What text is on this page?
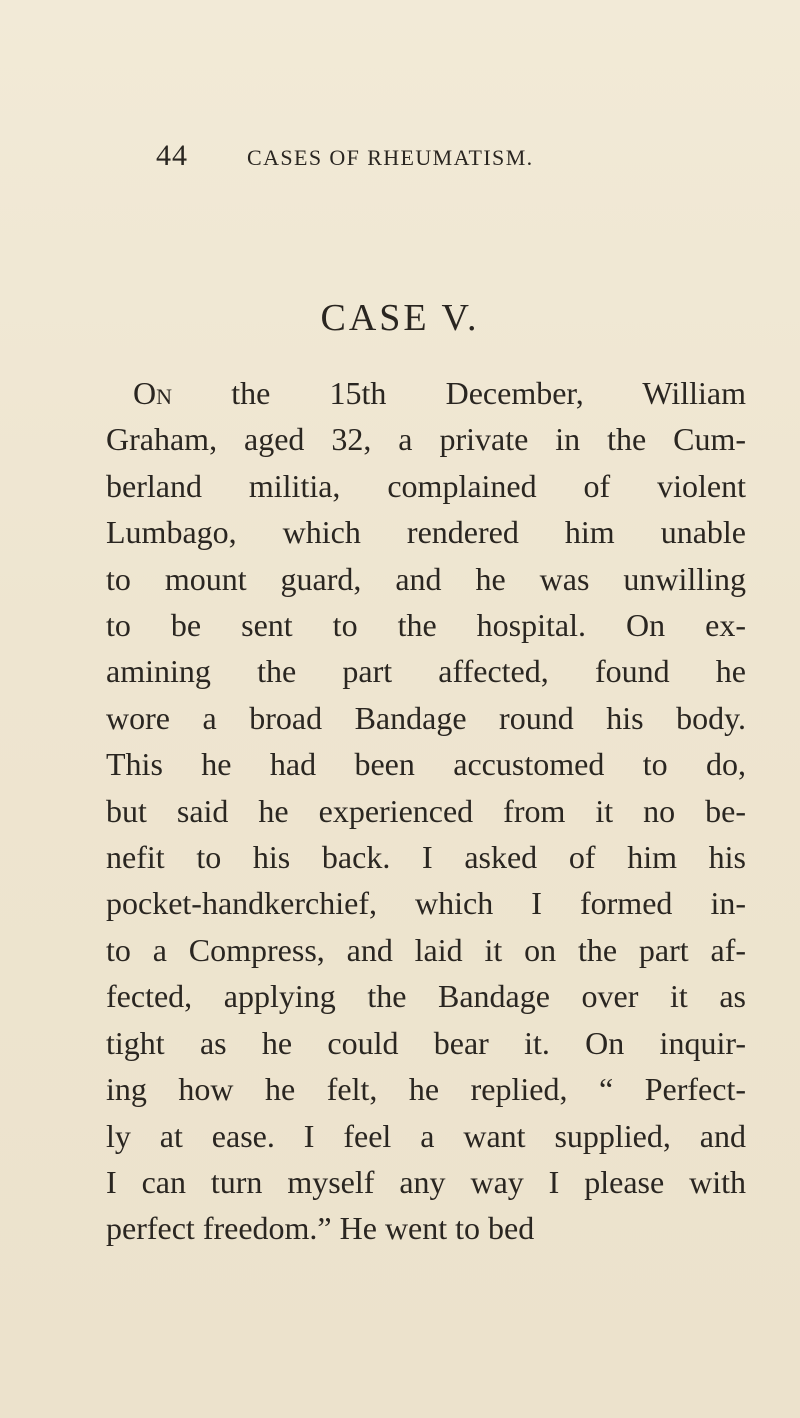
44	CASES OF RHEUMATISM.
CASE V.
On the 15th December, William
Graham, aged 32, a private in the Cum-
berland militia, complained of violent
Lumbago, which rendered him unable
to mount guard, and he was unwilling
to be sent to the hospital. On ex-
amining the part affected, found he
wore a broad Bandage round his body.
This he had been accustomed to do,
but said he experienced from it no be-
nefit to his back. I asked of him his
pocket-handkerchief, which I formed in-
to a Compress, and laid it on the part af-
fected, applying the Bandage over it as
tight as he could bear it. On inquir-
ing how he felt, he replied, “ Perfect-
ly at ease. I feel a want supplied, and
I can turn myself any way I please with
perfect freedom.” He went to bed
